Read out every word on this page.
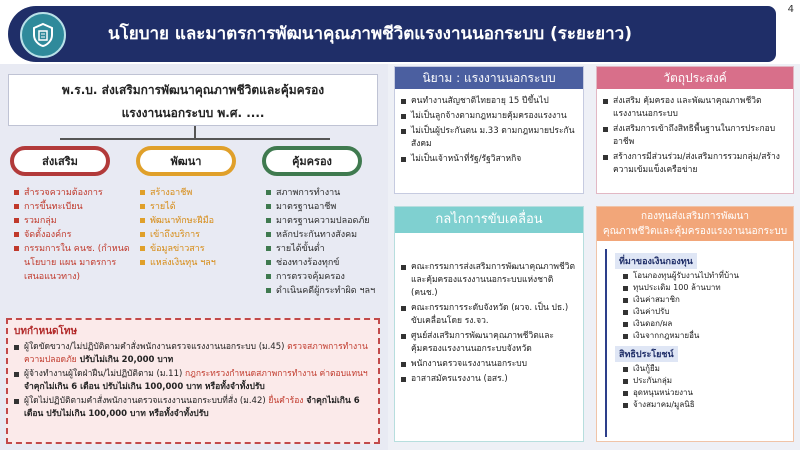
นโยบาย และมาตรการพัฒนาคุณภาพชีวิตแรงงานนอกระบบ (ระยะยาว)
4
พ.ร.บ. ส่งเสริมการพัฒนาคุณภาพชีวิตและคุ้มครอง
แรงงานนอกระบบ พ.ศ. ....
ส่งเสริม	พัฒนา	คุ้มครอง
สำรวจความต้องการ
การขึ้นทะเบียน
รวมกลุ่ม
จัดตั้งองค์กร
กรรมการใน คนช. (กำหนดนโยบาย แผน มาตรการ เสนอแนวทาง)
สร้างอาชีพ
รายได้
พัฒนาทักษะฝีมือ
เข้าถึงบริการ
ข้อมูลข่าวสาร
แหล่งเงินทุน ฯลฯ
สภาพการทำงาน
มาตรฐานอาชีพ
มาตรฐานความปลอดภัย
หลักประกันทางสังคม
รายได้ขั้นต่ำ
ช่องทางร้องทุกข์
การตรวจคุ้มครอง
ดำเนินคดีผู้กระทำผิด ฯลฯ
บทกำหนดโทษ
ผู้ใดขัดขวาง/ไม่ปฏิบัติตามคำสั่งพนักงานตรวจแรงงานนอกระบบ (ม.45) ตรวจสภาพการทำงาน ความปลอดภัย ปรับไม่เกิน 20,000 บาท
ผู้จ้างทำงานผู้ใดฝ่าฝืน/ไม่ปฏิบัติตาม (ม.11) กฎกระทรวงกำหนดสภาพการทำงาน ค่าตอบแทนฯ จำคุกไม่เกิน 6 เดือน ปรับไม่เกิน 100,000 บาท หรือทั้งจำทั้งปรับ
ผู้ใดไม่ปฏิบัติตามคำสั่งพนักงานตรวจแรงงานนอกระบบที่สั่ง (ม.42) ยื่นคำร้อง จำคุกไม่เกิน 6 เดือน ปรับไม่เกิน 100,000 บาท หรือทั้งจำทั้งปรับ
นิยาม : แรงงานนอกระบบ
คนทำงานสัญชาติไทยอายุ 15 ปีขึ้นไป
ไม่เป็นลูกจ้างตามกฎหมายคุ้มครองแรงงาน
ไม่เป็นผู้ประกันตน ม.33 ตามกฎหมายประกันสังคม
ไม่เป็นเจ้าหน้าที่รัฐ/รัฐวิสาหกิจ
วัตถุประสงค์
ส่งเสริม คุ้มครอง และพัฒนาคุณภาพชีวิตแรงงานนอกระบบ
ส่งเสริมการเข้าถึงสิทธิพื้นฐานในการประกอบอาชีพ
สร้างการมีส่วนร่วม/ส่งเสริมการรวมกลุ่ม/สร้างความเข้มแข็งเครือข่าย
กลไกการขับเคลื่อน
คณะกรรมการส่งเสริมการพัฒนาคุณภาพชีวิตและคุ้มครองแรงงานนอกระบบแห่งชาติ (คนช.)
คณะกรรมการระดับจังหวัด (ผวจ. เป็น ปธ.) ขับเคลื่อนโดย รง.จว.
ศูนย์ส่งเสริมการพัฒนาคุณภาพชีวิตและคุ้มครองแรงงานนอกระบบจังหวัด
พนักงานตรวจแรงงานนอกระบบ
อาสาสมัครแรงงาน (อสร.)
กองทุนส่งเสริมการพัฒนา
คุณภาพชีวิตและคุ้มครองแรงงานนอกระบบ
ที่มาของเงินกองทุน
โอนกองทุนผู้รับงานไปทำที่บ้าน
ทุนประเดิม 100 ล้านบาท
เงินค่าสมาชิก
เงินค่าปรับ
เงินดอก/ผล
เงินจากกฎหมายอื่น
สิทธิประโยชน์
เงินกู้ยืม
ประกันกลุ่ม
อุดหนุนหน่วยงาน
จ้างสมาคม/มูลนิธิ
